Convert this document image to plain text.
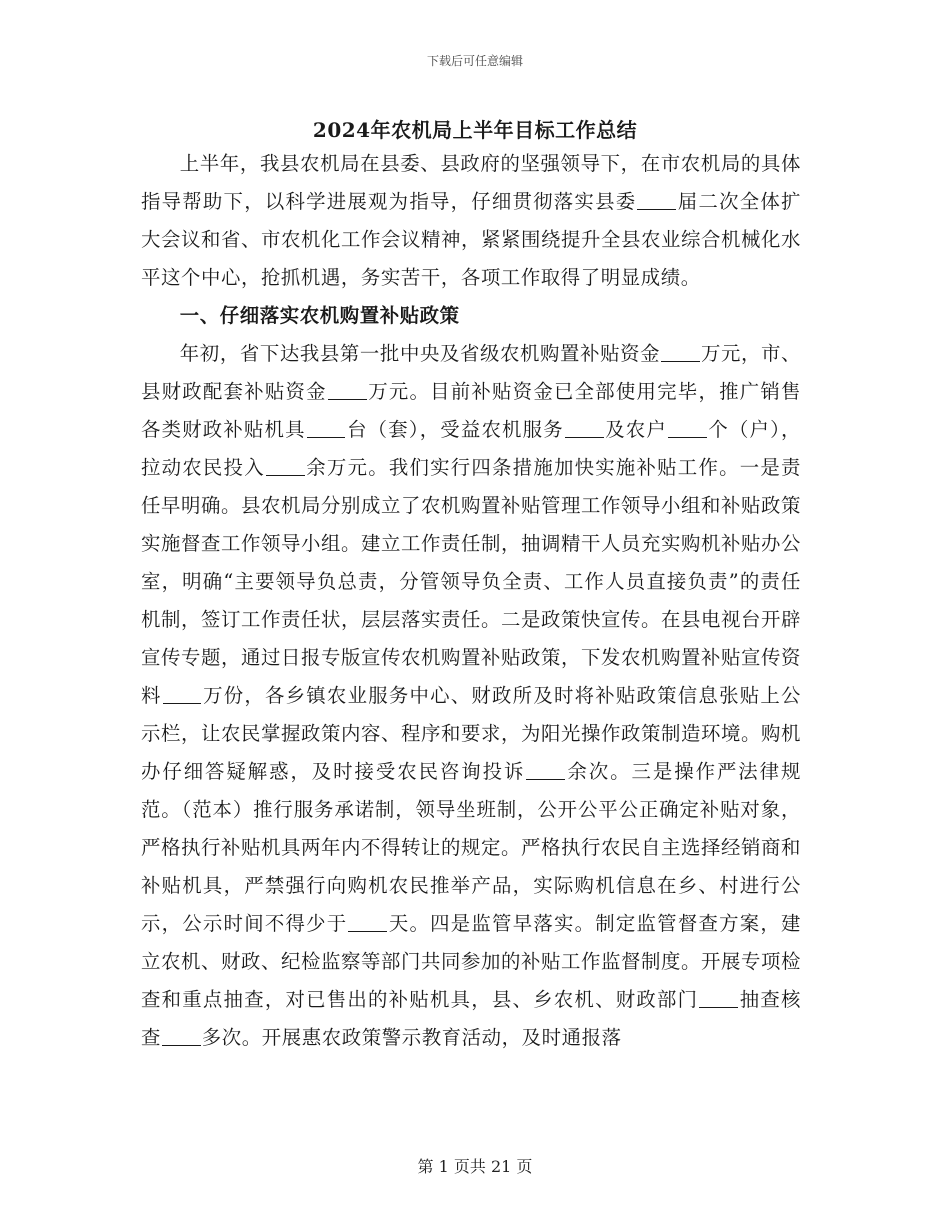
下载后可任意编辑
2024年农机局上半年目标工作总结

上半年，我县农机局在县委、县政府的坚强领导下，在市农机局的具体指导帮助下，以科学进展观为指导，仔细贯彻落实县委 届二次全体扩大会议和省、市农机化工作会议精神，紧紧围绕提升全县农业综合机械化水平这个中心，抢抓机遇，务实苦干，各项工作取得了明显成绩。

一、仔细落实农机购置补贴政策

年初，省下达我县第一批中央及省级农机购置补贴资金 万元，市、县财政配套补贴资金 万元。目前补贴资金已全部使用完毕，推广销售各类财政补贴机具 台（套），受益农机服务 及农户 个（户），拉动农民投入 余万元。我们实行四条措施加快实施补贴工作。一是责任早明确。县农机局分别成立了农机购置补贴管理工作领导小组和补贴政策实施督查工作领导小组。建立工作责任制，抽调精干人员充实购机补贴办公室，明确“主要领导负总责，分管领导负全责、工作人员直接负责”的责任机制，签订工作责任状，层层落实责任。二是政策快宣传。在县电视台开辟宣传专题，通过日报专版宣传农机购置补贴政策，下发农机购置补贴宣传资料 万份，各乡镇农业服务中心、财政所及时将补贴政策信息张贴上公示栏，让农民掌握政策内容、程序和要求，为阳光操作政策制造环境。购机办仔细答疑解惑，及时接受农民咨询投诉 余次。三是操作严法律规范。（范本）推行服务承诺制，领导坐班制，公开公平公正确定补贴对象，严格执行补贴机具两年内不得转让的规定。严格执行农民自主选择经销商和补贴机具，严禁强行向购机农民推举产品，实际购机信息在乡、村进行公示，公示时间不得少于 天。四是监管早落实。制定监管督查方案，建立农机、财政、纪检监察等部门共同参加的补贴工作监督制度。开展专项检查和重点抽查，对已售出的补贴机具，县、乡农机、财政部门 抽查核查 多次。开展惠农政策警示教育活动，及时通报落

第 1 页共 21 页
